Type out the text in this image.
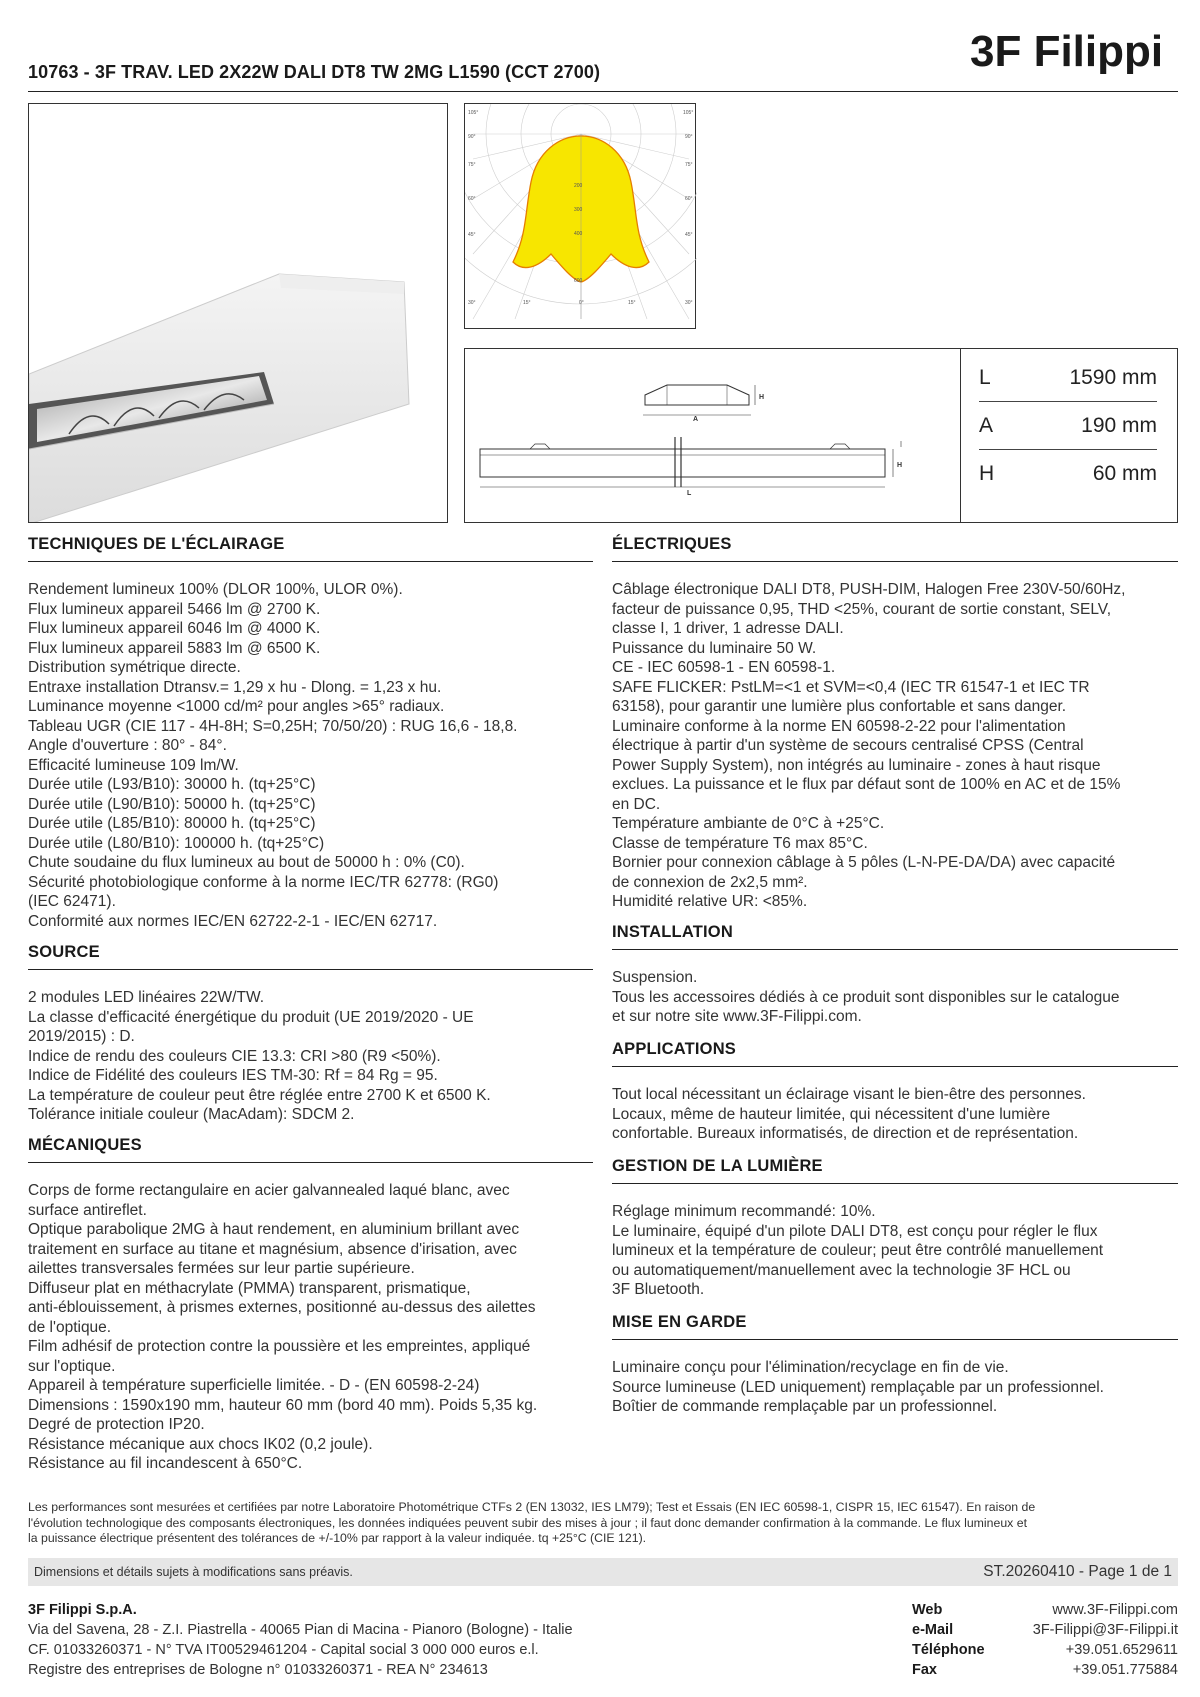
3F Filippi
10763 - 3F TRAV. LED 2X22W DALI DT8 TW 2MG L1590 (CCT 2700)
105°
90°
75°
60°
45°
30°
105°
90°
75°
60°
45°
30°
15°	0°	15°
200
300
400
600
H
A
H
L
L	1590 mm
A	190 mm
H	60 mm
TECHNIQUES DE L'ÉCLAIRAGE

Rendement lumineux 100% (DLOR 100%, ULOR 0%).

Flux lumineux appareil 5466 lm @ 2700 K.

Flux lumineux appareil 6046 lm @ 4000 K.

Flux lumineux appareil 5883 lm @ 6500 K.

Distribution symétrique directe.

Entraxe installation Dtransv.= 1,29 x hu - Dlong. = 1,23 x hu.

Luminance moyenne <1000 cd/m² pour angles >65° radiaux.

Tableau UGR (CIE 117 - 4H-8H; S=0,25H; 70/50/20) : RUG 16,6 - 18,8.

Angle d'ouverture : 80° - 84°.

Efficacité lumineuse 109 lm/W.

Durée utile (L93/B10): 30000 h. (tq+25°C)

Durée utile (L90/B10): 50000 h. (tq+25°C)

Durée utile (L85/B10): 80000 h. (tq+25°C)

Durée utile (L80/B10): 100000 h. (tq+25°C)

Chute soudaine du flux lumineux au bout de 50000 h : 0% (C0).

Sécurité photobiologique conforme à la norme IEC/TR 62778: (RG0)

(IEC 62471).

Conformité aux normes IEC/EN 62722-2-1 - IEC/EN 62717.

SOURCE

2 modules LED linéaires 22W/TW.

La classe d'efficacité énergétique du produit (UE 2019/2020 - UE

2019/2015) : D.

Indice de rendu des couleurs CIE 13.3: CRI >80 (R9 <50%).

Indice de Fidélité des couleurs IES TM-30: Rf = 84 Rg = 95.

La température de couleur peut être réglée entre 2700 K et 6500 K.

Tolérance initiale couleur (MacAdam): SDCM 2.

MÉCANIQUES

Corps de forme rectangulaire en acier galvannealed laqué blanc, avec

surface antireflet.

Optique parabolique 2MG à haut rendement, en aluminium brillant avec

traitement en surface au titane et magnésium, absence d'irisation, avec

ailettes transversales fermées sur leur partie supérieure.

Diffuseur plat en méthacrylate (PMMA) transparent, prismatique,

anti-éblouissement, à prismes externes, positionné au-dessus des ailettes

de l'optique.

Film adhésif de protection contre la poussière et les empreintes, appliqué

sur l'optique.

Appareil à température superficielle limitée. - D - (EN 60598-2-24)

Dimensions : 1590x190 mm, hauteur 60 mm (bord 40 mm). Poids 5,35 kg.

Degré de protection IP20.

Résistance mécanique aux chocs IK02 (0,2 joule).

Résistance au fil incandescent à 650°C.

ÉLECTRIQUES

Câblage électronique DALI DT8, PUSH-DIM, Halogen Free 230V-50/60Hz,

facteur de puissance 0,95, THD <25%, courant de sortie constant, SELV,

classe I, 1 driver, 1 adresse DALI.

Puissance du luminaire 50 W.

CE - IEC 60598-1 - EN 60598-1.

SAFE FLICKER: PstLM=<1 et SVM=<0,4 (IEC TR 61547-1 et IEC TR

63158), pour garantir une lumière plus confortable et sans danger.

Luminaire conforme à la norme EN 60598-2-22 pour l'alimentation

électrique à partir d'un système de secours centralisé CPSS (Central

Power Supply System), non intégrés au luminaire - zones à haut risque

exclues. La puissance et le flux par défaut sont de 100% en AC et de 15%

en DC.

Température ambiante de 0°C à +25°C.

Classe de température T6 max 85°C.

Bornier pour connexion câblage à 5 pôles (L-N-PE-DA/DA) avec capacité

de connexion de 2x2,5 mm².

Humidité relative UR: <85%.

INSTALLATION

Suspension.

Tous les accessoires dédiés à ce produit sont disponibles sur le catalogue

et sur notre site www.3F-Filippi.com.

APPLICATIONS

Tout local nécessitant un éclairage visant le bien-être des personnes.

Locaux, même de hauteur limitée, qui nécessitent d'une lumière

confortable. Bureaux informatisés, de direction et de représentation.

GESTION DE LA LUMIÈRE

Réglage minimum recommandé: 10%.

Le luminaire, équipé d'un pilote DALI DT8, est conçu pour régler le flux

lumineux et la température de couleur; peut être contrôlé manuellement

ou automatiquement/manuellement avec la technologie 3F HCL ou

3F Bluetooth.

MISE EN GARDE

Luminaire conçu pour l'élimination/recyclage en fin de vie.

Source lumineuse (LED uniquement) remplaçable par un professionnel.

Boîtier de commande remplaçable par un professionnel.

Les performances sont mesurées et certifiées par notre Laboratoire Photométrique CTFs 2 (EN 13032, IES LM79); Test et Essais (EN IEC 60598-1, CISPR 15, IEC 61547). En raison de

l'évolution technologique des composants électroniques, les données indiquées peuvent subir des mises à jour ; il faut donc demander confirmation à la commande. Le flux lumineux et

la puissance électrique présentent des tolérances de +/-10% par rapport à la valeur indiquée. tq +25°C (CIE 121).

Dimensions et détails sujets à modifications sans préavis.	ST.20260410 - Page 1 de 1
3F Filippi S.p.A.

Via del Savena, 28 - Z.I. Piastrella - 40065 Pian di Macina - Pianoro (Bologne) - Italie

CF. 01033260371 - N° TVA IT00529461204 - Capital social 3 000 000 euros e.l.

Registre des entreprises de Bologne n° 01033260371 - REA N° 234613

Web	www.3F-Filippi.com
e-Mail	3F-Filippi@3F-Filippi.it
Téléphone	+39.051.6529611
Fax	+39.051.775884
